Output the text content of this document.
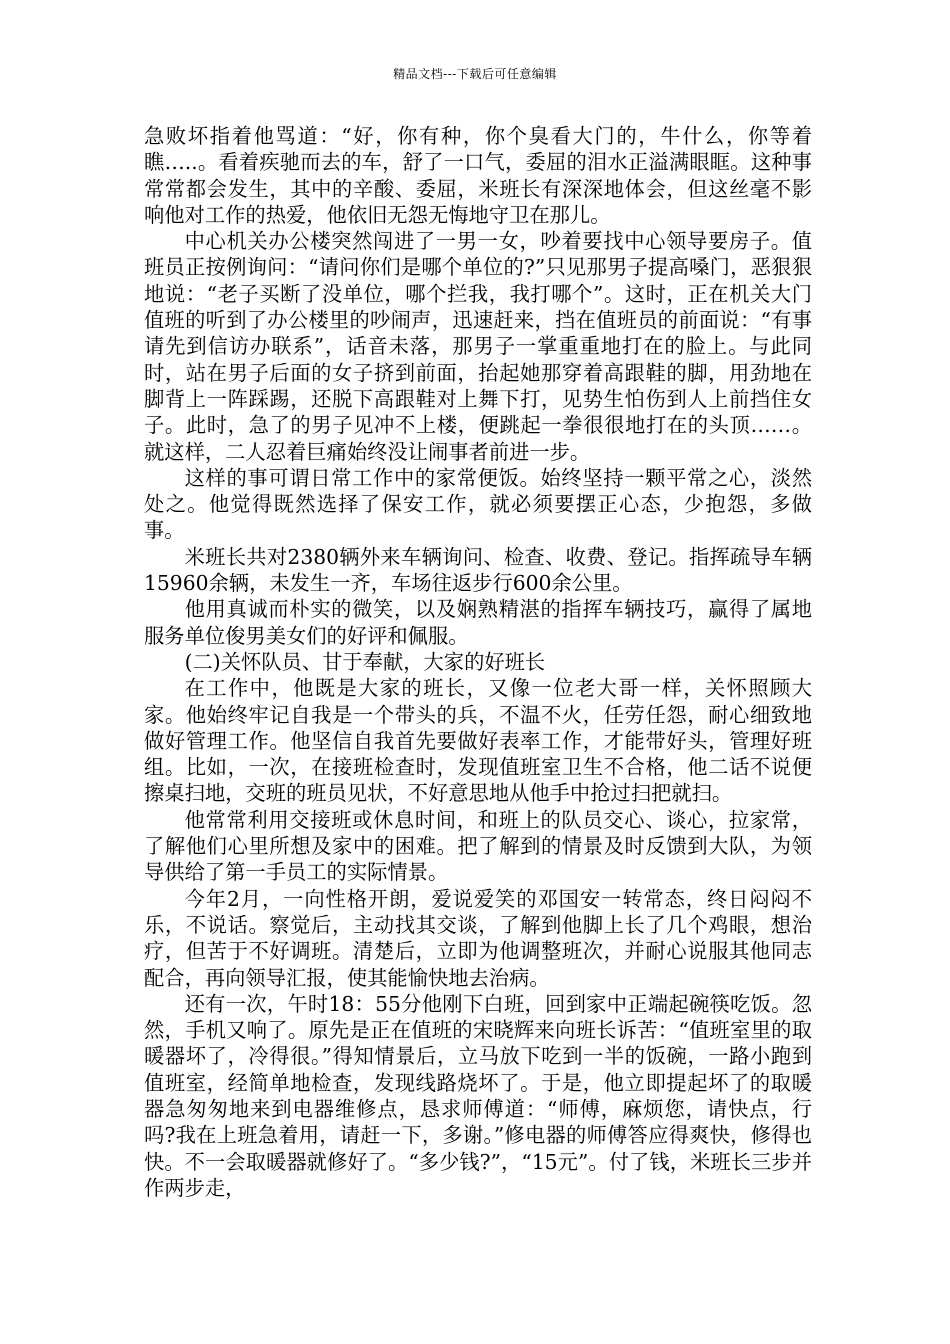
精品文档---下载后可任意编辑

急败坏指着他骂道：“好，你有种，你个臭看大门的，牛什么，你等着瞧…..。看着疾驰而去的车，舒了一口气，委屈的泪水正溢满眼眶。这种事常常都会发生，其中的辛酸、委屈，米班长有深深地体会，但这丝毫不影响他对工作的热爱，他依旧无怨无悔地守卫在那儿。

中心机关办公楼突然闯进了一男一女，吵着要找中心领导要房子。值班员正按例询问：“请问你们是哪个单位的?”只见那男子提高嗓门，恶狠狠地说：“老子买断了没单位，哪个拦我，我打哪个”。这时，正在机关大门值班的听到了办公楼里的吵闹声，迅速赶来，挡在值班员的前面说：“有事请先到信访办联系”，话音未落，那男子一掌重重地打在的脸上。与此同时，站在男子后面的女子挤到前面，抬起她那穿着高跟鞋的脚，用劲地在脚背上一阵踩踢，还脱下高跟鞋对上舞下打，见势生怕伤到人上前挡住女子。此时，急了的男子见冲不上楼，便跳起一拳很很地打在的头顶……。就这样，二人忍着巨痛始终没让闹事者前进一步。

这样的事可谓日常工作中的家常便饭。始终坚持一颗平常之心，淡然处之。他觉得既然选择了保安工作，就必须要摆正心态，少抱怨，多做事。

米班长共对2380辆外来车辆询问、检查、收费、登记。指挥疏导车辆15960余辆，未发生一齐，车场往返步行600余公里。

他用真诚而朴实的微笑，以及娴熟精湛的指挥车辆技巧，赢得了属地服务单位俊男美女们的好评和佩服。

(二)关怀队员、甘于奉献，大家的好班长

在工作中，他既是大家的班长，又像一位老大哥一样，关怀照顾大家。他始终牢记自我是一个带头的兵，不温不火，任劳任怨，耐心细致地做好管理工作。他坚信自我首先要做好表率工作，才能带好头，管理好班组。比如，一次，在接班检查时，发现值班室卫生不合格，他二话不说便擦桌扫地，交班的班员见状，不好意思地从他手中抢过扫把就扫。

他常常利用交接班或休息时间，和班上的队员交心、谈心，拉家常，了解他们心里所想及家中的困难。把了解到的情景及时反馈到大队，为领导供给了第一手员工的实际情景。

今年2月，一向性格开朗，爱说爱笑的邓国安一转常态，终日闷闷不乐，不说话。察觉后，主动找其交谈，了解到他脚上长了几个鸡眼，想治疗，但苦于不好调班。清楚后，立即为他调整班次，并耐心说服其他同志配合，再向领导汇报，使其能愉快地去治病。

还有一次，午时18：55分他刚下白班，回到家中正端起碗筷吃饭。忽然，手机又响了。原先是正在值班的宋晓辉来向班长诉苦：“值班室里的取暖器坏了，冷得很。”得知情景后，立马放下吃到一半的饭碗，一路小跑到值班室，经简单地检查，发现线路烧坏了。于是，他立即提起坏了的取暖器急匆匆地来到电器维修点，恳求师傅道：“师傅，麻烦您，请快点，行吗?我在上班急着用，请赶一下，多谢。”修电器的师傅答应得爽快，修得也快。不一会取暖器就修好了。“多少钱?”，“15元”。付了钱，米班长三步并作两步走，
